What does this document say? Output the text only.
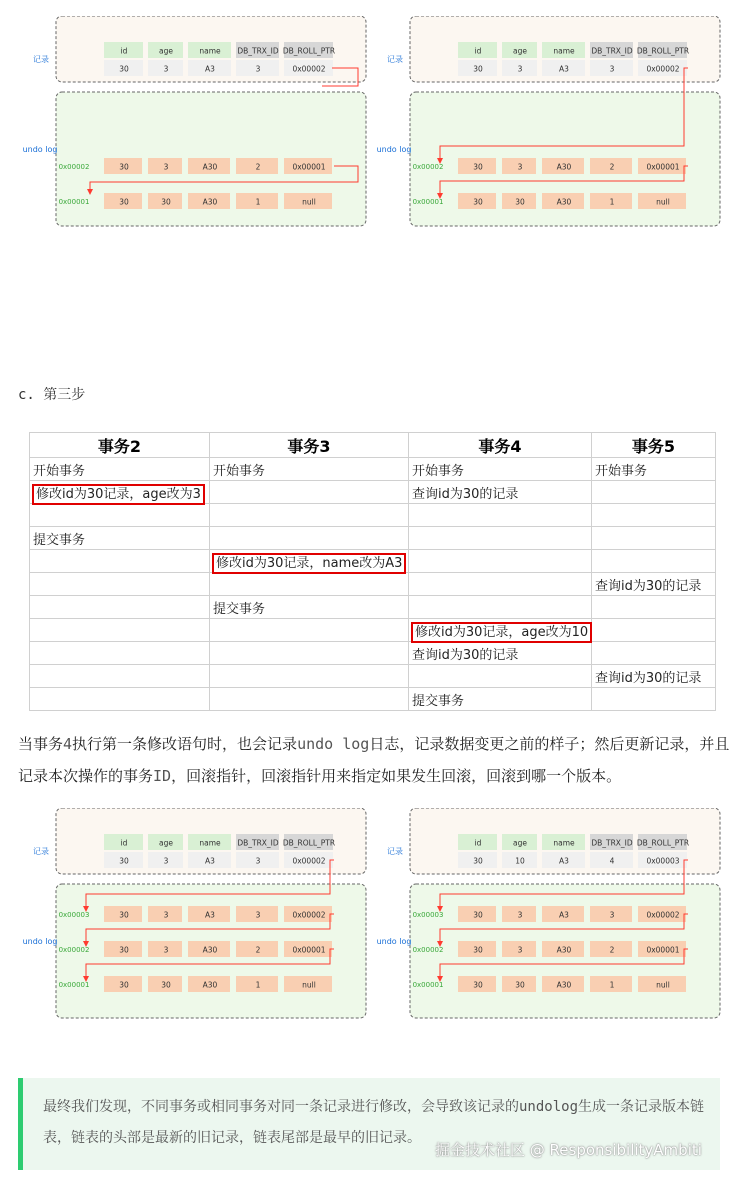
记录
undo log
id	age	name DB_TRX_ID DB_ROLL_PTR
30	3	A3	3	0x00002
0x00002	30	3	A30	2	0x00001
0x00001	30	30	A30	1	null
记录
undo log
id	age	name DB_TRX_ID DB_ROLL_PTR
30	3	A3	3	0x00002
0x00002	30	3	A30	2	0x00001
0x00001	30	30	A30	1	null
记录
undo log
id	age	name DB_TRX_ID DB_ROLL_PTR
30	3	A3	3	0x00002
0x00003	30	3	A3	3	0x00002
0x00002	30	3	A30	2	0x00001
0x00001	30	30	A30	1	null
记录
undo log
id	age	name DB_TRX_ID DB_ROLL_PTR
30	10	A3	4	0x00003
0x00003	30	3	A3	3	0x00002
0x00002	30	3	A30	2	0x00001
0x00001	30	30	A30	1	null
c. 第三步
事务2	事务3	事务4	事务5
开始事务	开始事务	开始事务	开始事务
修改id为30记录，age改为3		查询id为30的记录	

提交事务			
	修改id为30记录，name改为A3		
			查询id为30的记录
	提交事务		
		修改id为30记录，age改为10	
		查询id为30的记录	
			查询id为30的记录
		提交事务	
当事务4执行第一条修改语句时，也会记录undo log日志，记录数据变更之前的样子；然后更新记录，并且记录本次操作的事务ID，回滚指针，回滚指针用来指定如果发生回滚，回滚到哪一个版本。

最终我们发现，不同事务或相同事务对同一条记录进行修改，会导致该记录的undolog生成一条记录版本链表，链表的头部是最新的旧记录，链表尾部是最早的旧记录。

掘金技术社区 @ ResponsibilityAmbiti
